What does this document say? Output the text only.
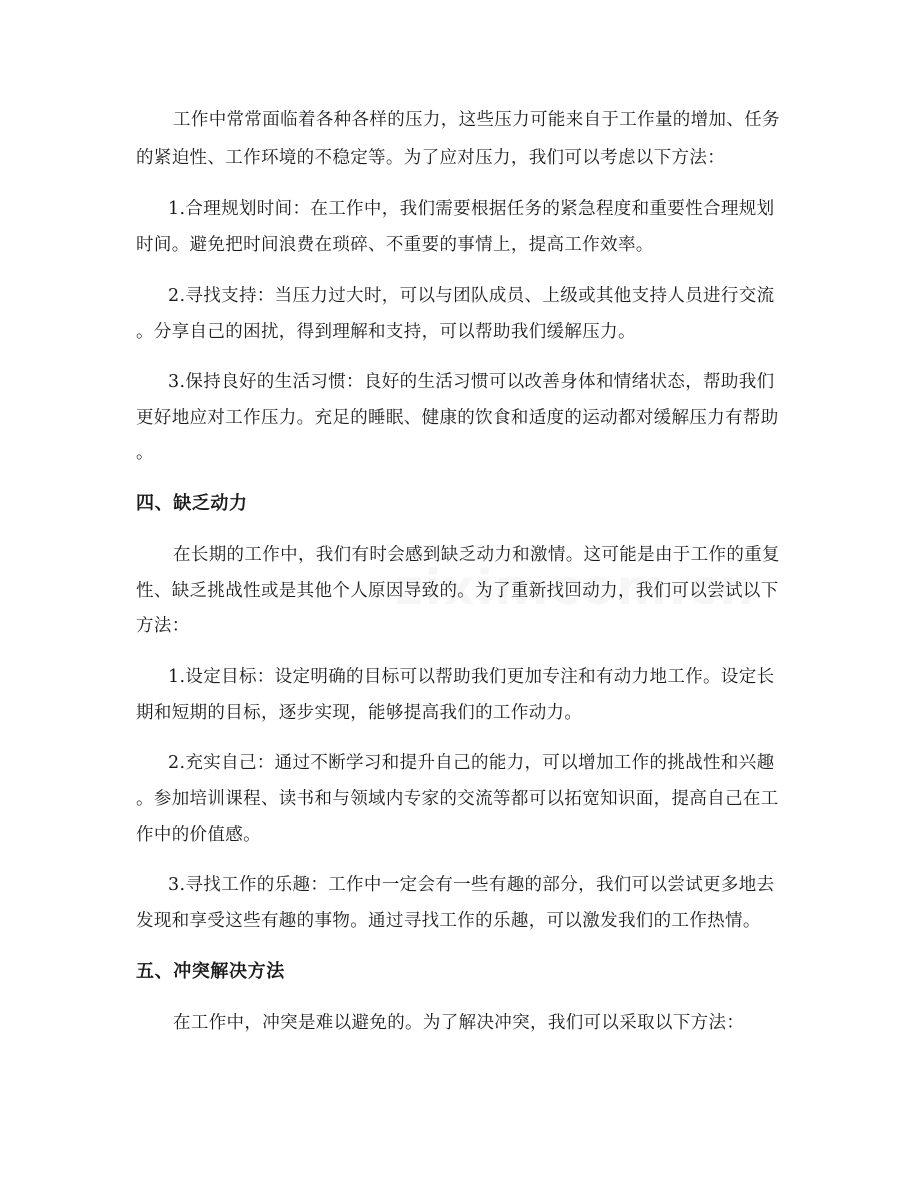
工作中常常面临着各种各样的压力，这些压力可能来自于工作量的增加、任务
的紧迫性、工作环境的不稳定等。为了应对压力，我们可以考虑以下方法：
1.合理规划时间：在工作中，我们需要根据任务的紧急程度和重要性合理规划
时间。避免把时间浪费在琐碎、不重要的事情上，提高工作效率。
2.寻找支持：当压力过大时，可以与团队成员、上级或其他支持人员进行交流
。分享自己的困扰，得到理解和支持，可以帮助我们缓解压力。
3.保持良好的生活习惯：良好的生活习惯可以改善身体和情绪状态，帮助我们
更好地应对工作压力。充足的睡眠、健康的饮食和适度的运动都对缓解压力有帮助
。
四、缺乏动力
在长期的工作中，我们有时会感到缺乏动力和激情。这可能是由于工作的重复
性、缺乏挑战性或是其他个人原因导致的。为了重新找回动力，我们可以尝试以下
方法：
1.设定目标：设定明确的目标可以帮助我们更加专注和有动力地工作。设定长
期和短期的目标，逐步实现，能够提高我们的工作动力。
2.充实自己：通过不断学习和提升自己的能力，可以增加工作的挑战性和兴趣
。参加培训课程、读书和与领域内专家的交流等都可以拓宽知识面，提高自己在工
作中的价值感。
3.寻找工作的乐趣：工作中一定会有一些有趣的部分，我们可以尝试更多地去
发现和享受这些有趣的事物。通过寻找工作的乐趣，可以激发我们的工作热情。
五、冲突解决方法
在工作中，冲突是难以避免的。为了解决冲突，我们可以采取以下方法：
